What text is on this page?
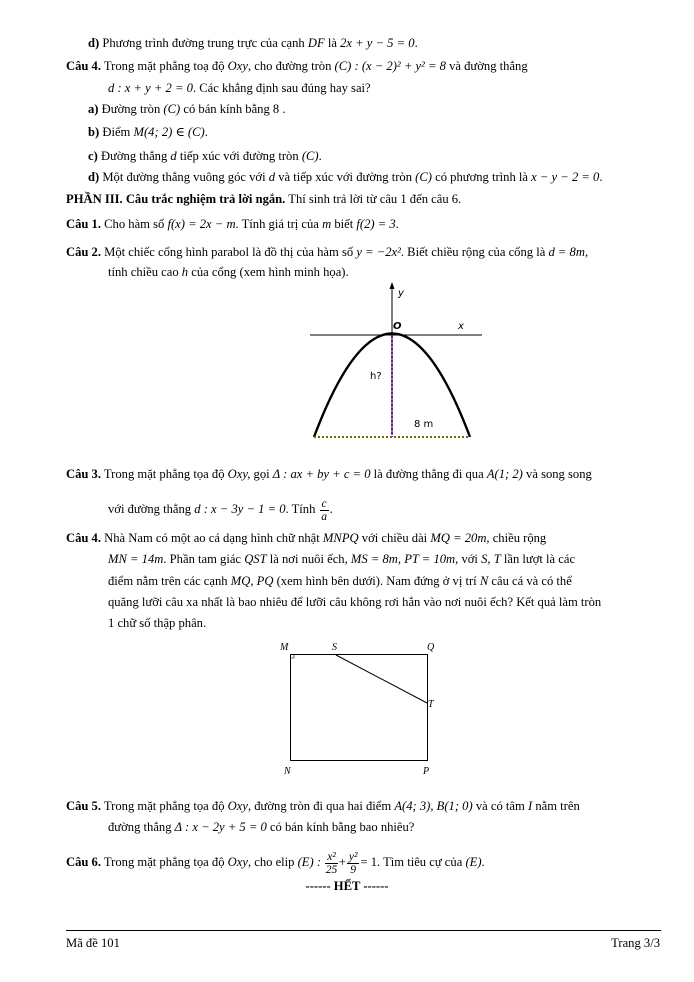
d) Phương trình đường trung trực của cạnh DF là 2x + y − 5 = 0.
Câu 4. Trong mặt phẳng toạ độ Oxy, cho đường tròn (C) : (x − 2)² + y² = 8 và đường thẳng
d : x + y + 2 = 0. Các khẳng định sau đúng hay sai?
a) Đường tròn (C) có bán kính bằng 8 .
b) Điểm M(4; 2) ∈ (C).
c) Đường thẳng d tiếp xúc với đường tròn (C).
d) Một đường thẳng vuông góc với d và tiếp xúc với đường tròn (C) có phương trình là x − y − 2 = 0.
PHẦN III. Câu trắc nghiệm trả lời ngắn. Thí sinh trả lời từ câu 1 đến câu 6.
Câu 1. Cho hàm số f(x) = 2x − m. Tính giá trị của m biết f(2) = 3.
Câu 2. Một chiếc cổng hình parabol là đồ thị của hàm số y = −2x². Biết chiều rộng của cổng là d = 8m,
tính chiều cao h của cổng (xem hình minh họa).
y
O	x
h?
8 m
Câu 3. Trong mặt phẳng tọa độ Oxy, gọi Δ : ax + by + c = 0 là đường thẳng đi qua A(1; 2) và song song
với đường thẳng d : x − 3y − 1 = 0. Tính $\frac{c}{a}$ .
Câu 4. Nhà Nam có một ao cá dạng hình chữ nhật MNPQ với chiều dài MQ = 20m, chiều rộng
MN = 14m. Phần tam giác QST là nơi nuôi ếch, MS = 8m, PT = 10m, với S, T lần lượt là các
điểm nằm trên các cạnh MQ, PQ (xem hình bên dưới). Nam đứng ở vị trí N câu cá và có thể
quăng lưỡi câu xa nhất là bao nhiêu để lưỡi câu không rơi hẳn vào nơi nuôi ếch? Kết quả làm tròn
1 chữ số thập phân.
M	S	Q
T
N	P
Câu 5. Trong mặt phẳng tọa độ Oxy, đường tròn đi qua hai điểm A(4; 3), B(1; 0) và có tâm I nằm trên
đường thẳng Δ : x − 2y + 5 = 0 có bán kính bằng bao nhiêu?
Câu 6. Trong mặt phẳng tọa độ Oxy, cho elip (E) : $\frac{\text{x²}}{25} + \frac{\text{y²}}{9} = 1$. Tìm tiêu cự của (E).
------ HẾT ------
Mã đề 101	Trang 3/3
